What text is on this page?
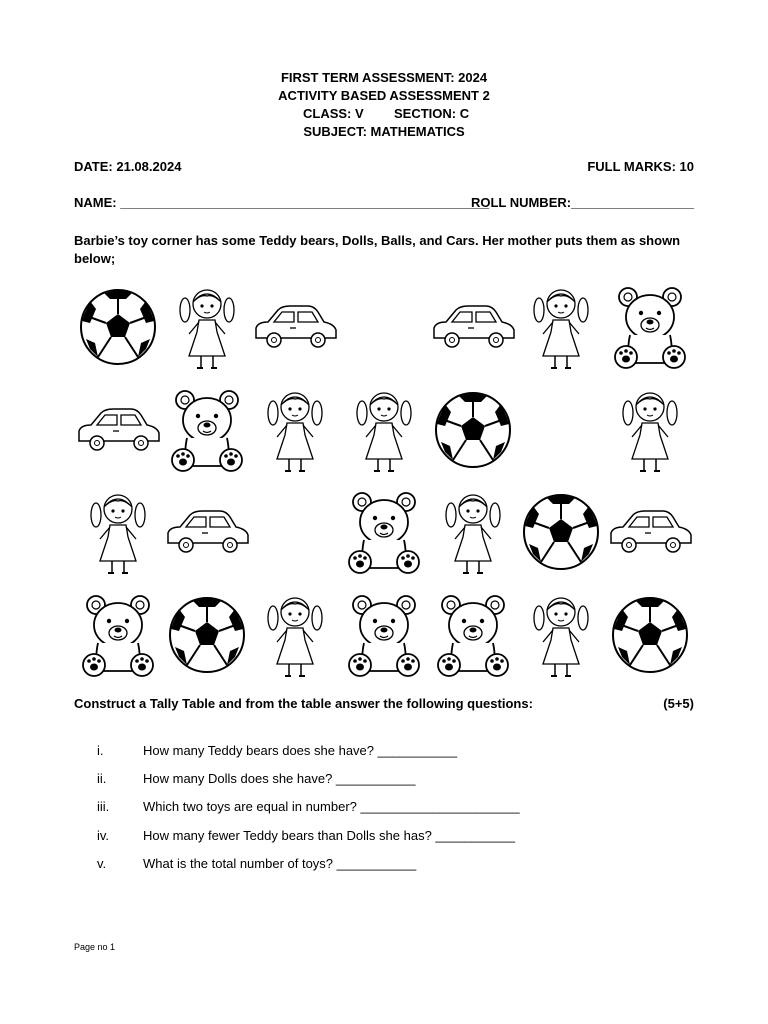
FIRST TERM ASSESSMENT: 2024
ACTIVITY BASED ASSESSMENT 2
CLASS: V SECTION: C
SUBJECT: MATHEMATICS
DATE: 21.08.2024	FULL MARKS: 10
NAME: ___________________________________________________
ROLL NUMBER:_________________
Barbie’s toy corner has some Teddy bears, Dolls, Balls, and Cars. Her mother puts them as shown
below;
Construct a Tally Table and from the table answer the following questions:	(5+5)
i.	How many Teddy bears does she have? ___________
ii.	How many Dolls does she have? ___________
iii.	Which two toys are equal in number? ______________________
iv.	How many fewer Teddy bears than Dolls she has? ___________
v.	What is the total number of toys? ___________
Page no 1
